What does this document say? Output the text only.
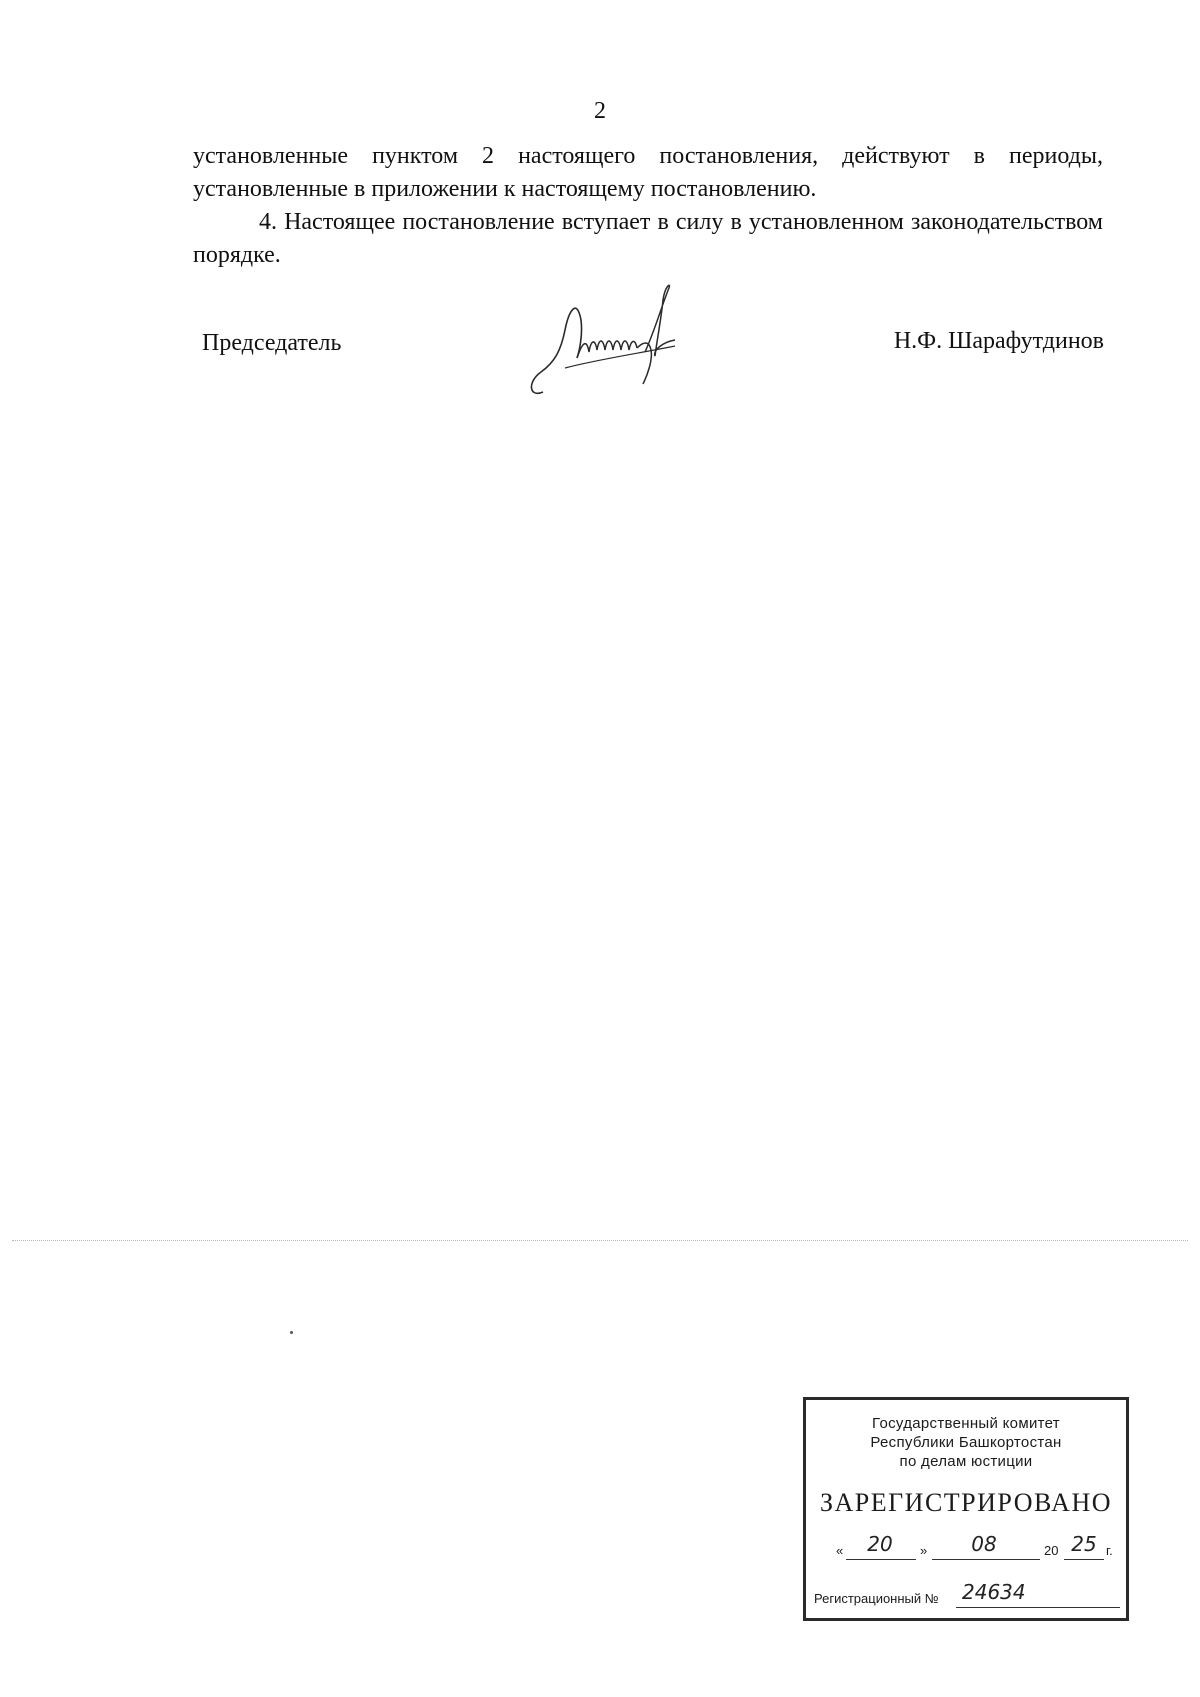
2

установленные пунктом 2 настоящего постановления, действуют в периоды, установленные в приложении к настоящему постановлению.

4. Настоящее постановление вступает в силу в установленном законодательством порядке.

Председатель	Н.Ф. Шарафутдинов
Государственный комитет
Республики Башкортостан
по делам юстиции
ЗАРЕГИСТРИРОВАНО
«	20	»	08	20 25 г.
Регистрационный № 24634
